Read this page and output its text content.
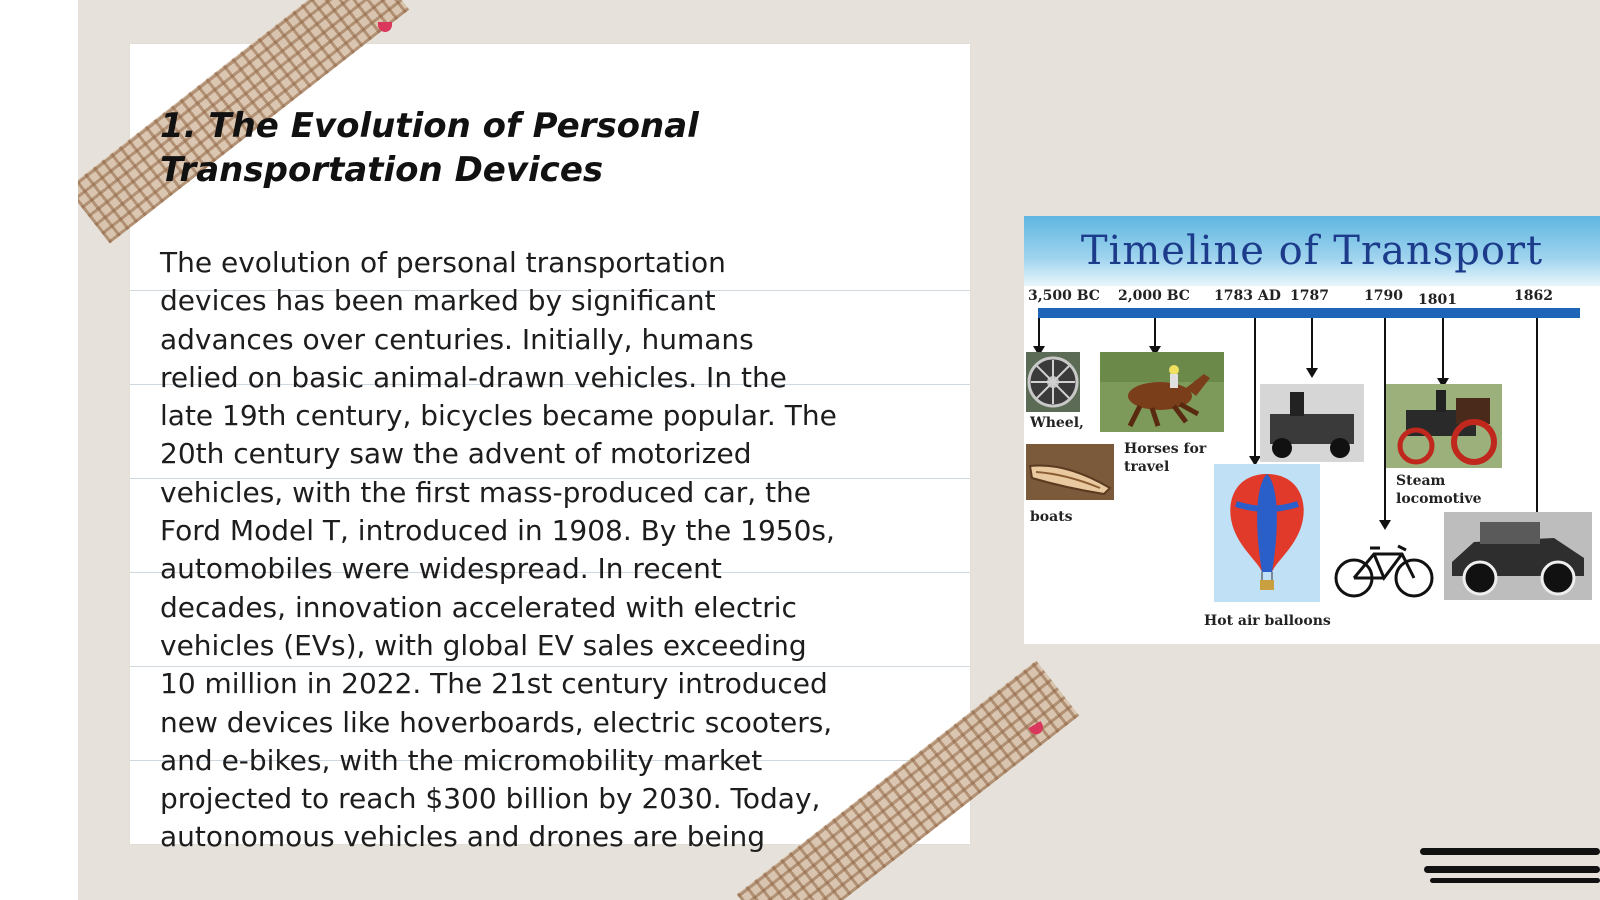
1. The Evolution of Personal Transportation Devices

The evolution of personal transportation devices has been marked by significant advances over centuries. Initially, humans relied on basic animal-drawn vehicles. In the late 19th century, bicycles became popular. The 20th century saw the advent of motorized vehicles, with the first mass-produced car, the Ford Model T, introduced in 1908. By the 1950s, automobiles were widespread. In recent decades, innovation accelerated with electric vehicles (EVs), with global EV sales exceeding 10 million in 2022. The 21st century introduced new devices like hoverboards, electric scooters, and e-bikes, with the micromobility market projected to reach $300 billion by 2030. Today, autonomous vehicles and drones are being

Timeline of Transport
3,500 BC 2,000 BC 1783 AD 1787	1790 1801	1862
Wheel,
boats
Horses for travel
Hot air balloons
Steam locomotive
